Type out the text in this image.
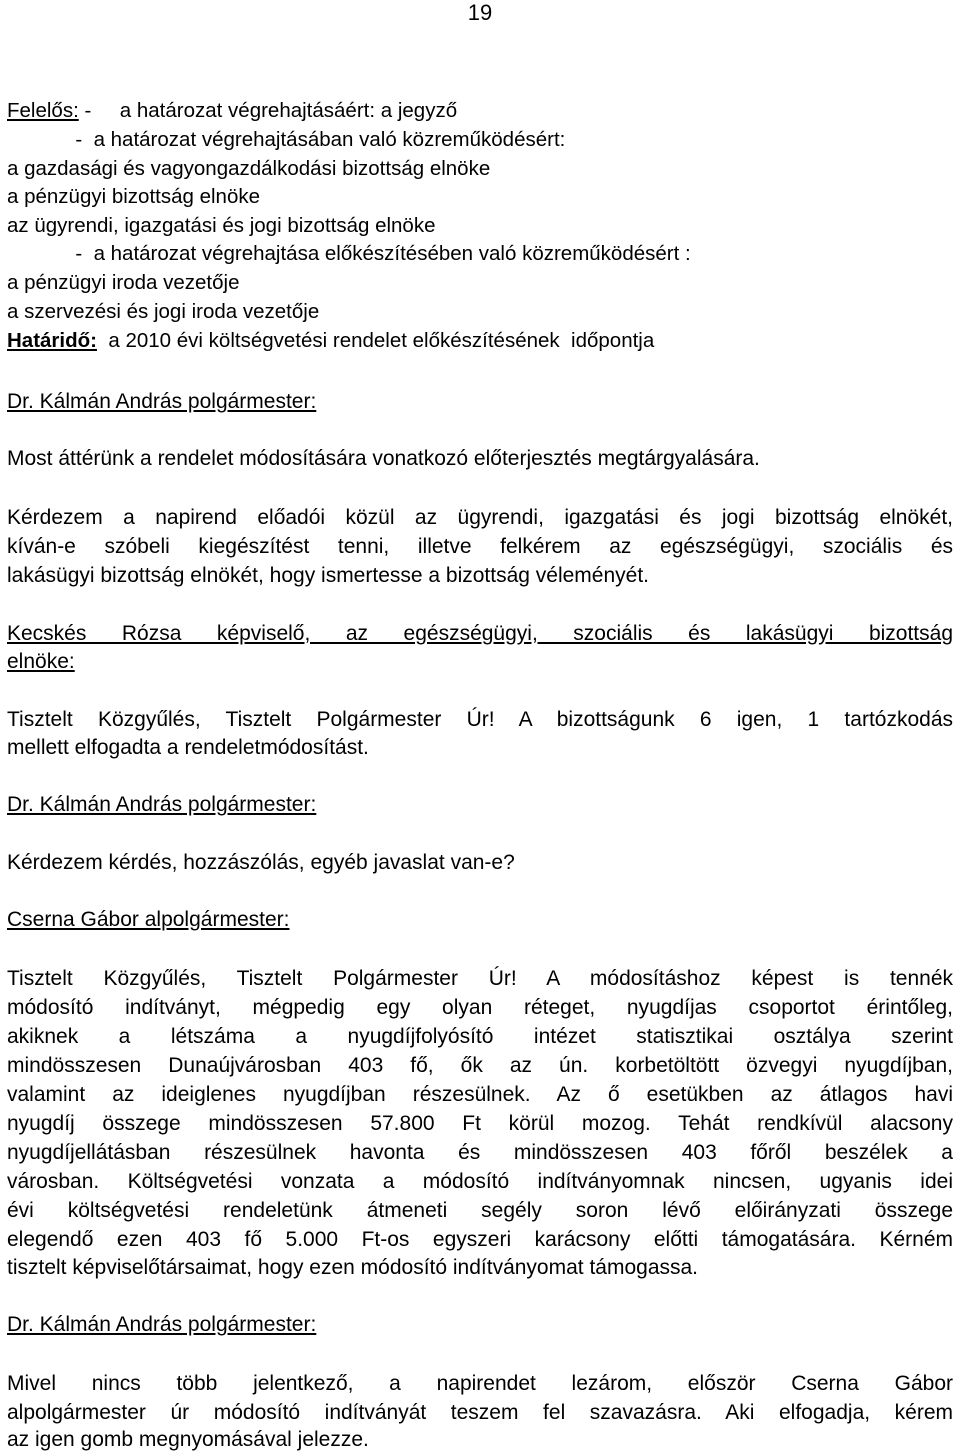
19
Felelős: -     a határozat végrehajtásáért: a jegyző
-  a határozat végrehajtásában való közreműködésért:
a gazdasági és vagyongazdálkodási bizottság elnöke
a pénzügyi bizottság elnöke
az ügyrendi, igazgatási és jogi bizottság elnöke
-  a határozat végrehajtása előkészítésében való közreműködésért :
a pénzügyi iroda vezetője
a szervezési és jogi iroda vezetője
Határidő:  a 2010 évi költségvetési rendelet előkészítésének  időpontja
Dr. Kálmán András polgármester:
Most áttérünk a rendelet módosítására vonatkozó előterjesztés megtárgyalására.
Kérdezem a napirend előadói közül az ügyrendi, igazgatási és jogi bizottság elnökét,
kíván-e szóbeli kiegészítést tenni, illetve felkérem az egészségügyi, szociális és
lakásügyi bizottság elnökét, hogy ismertesse a bizottság véleményét.
Kecskés Rózsa képviselő, az egészségügyi, szociális és lakásügyi bizottság
elnöke:
Tisztelt Közgyűlés, Tisztelt Polgármester Úr! A bizottságunk 6 igen, 1 tartózkodás
mellett elfogadta a rendeletmódosítást.
Dr. Kálmán András polgármester:
Kérdezem kérdés, hozzászólás, egyéb javaslat van-e?
Cserna Gábor alpolgármester:
Tisztelt Közgyűlés, Tisztelt Polgármester Úr! A módosításhoz képest is tennék
módosító indítványt, mégpedig egy olyan réteget, nyugdíjas csoportot érintőleg,
akiknek a létszáma a nyugdíjfolyósító intézet statisztikai osztálya szerint
mindösszesen Dunaújvárosban 403 fő, ők az ún. korbetöltött özvegyi nyugdíjban,
valamint az ideiglenes nyugdíjban részesülnek. Az ő esetükben az átlagos havi
nyugdíj összege mindösszesen 57.800 Ft körül mozog. Tehát rendkívül alacsony
nyugdíjellátásban részesülnek havonta és mindösszesen 403 főről beszélek a
városban. Költségvetési vonzata a módosító indítványomnak nincsen, ugyanis idei
évi költségvetési rendeletünk átmeneti segély soron lévő előirányzati összege
elegendő ezen 403 fő 5.000 Ft-os egyszeri karácsony előtti támogatására. Kérném
tisztelt képviselőtársaimat, hogy ezen módosító indítványomat támogassa.
Dr. Kálmán András polgármester:
Mivel nincs több jelentkező, a napirendet lezárom, először Cserna Gábor
alpolgármester úr módosító indítványát teszem fel szavazásra. Aki elfogadja, kérem
az igen gomb megnyomásával jelezze.
